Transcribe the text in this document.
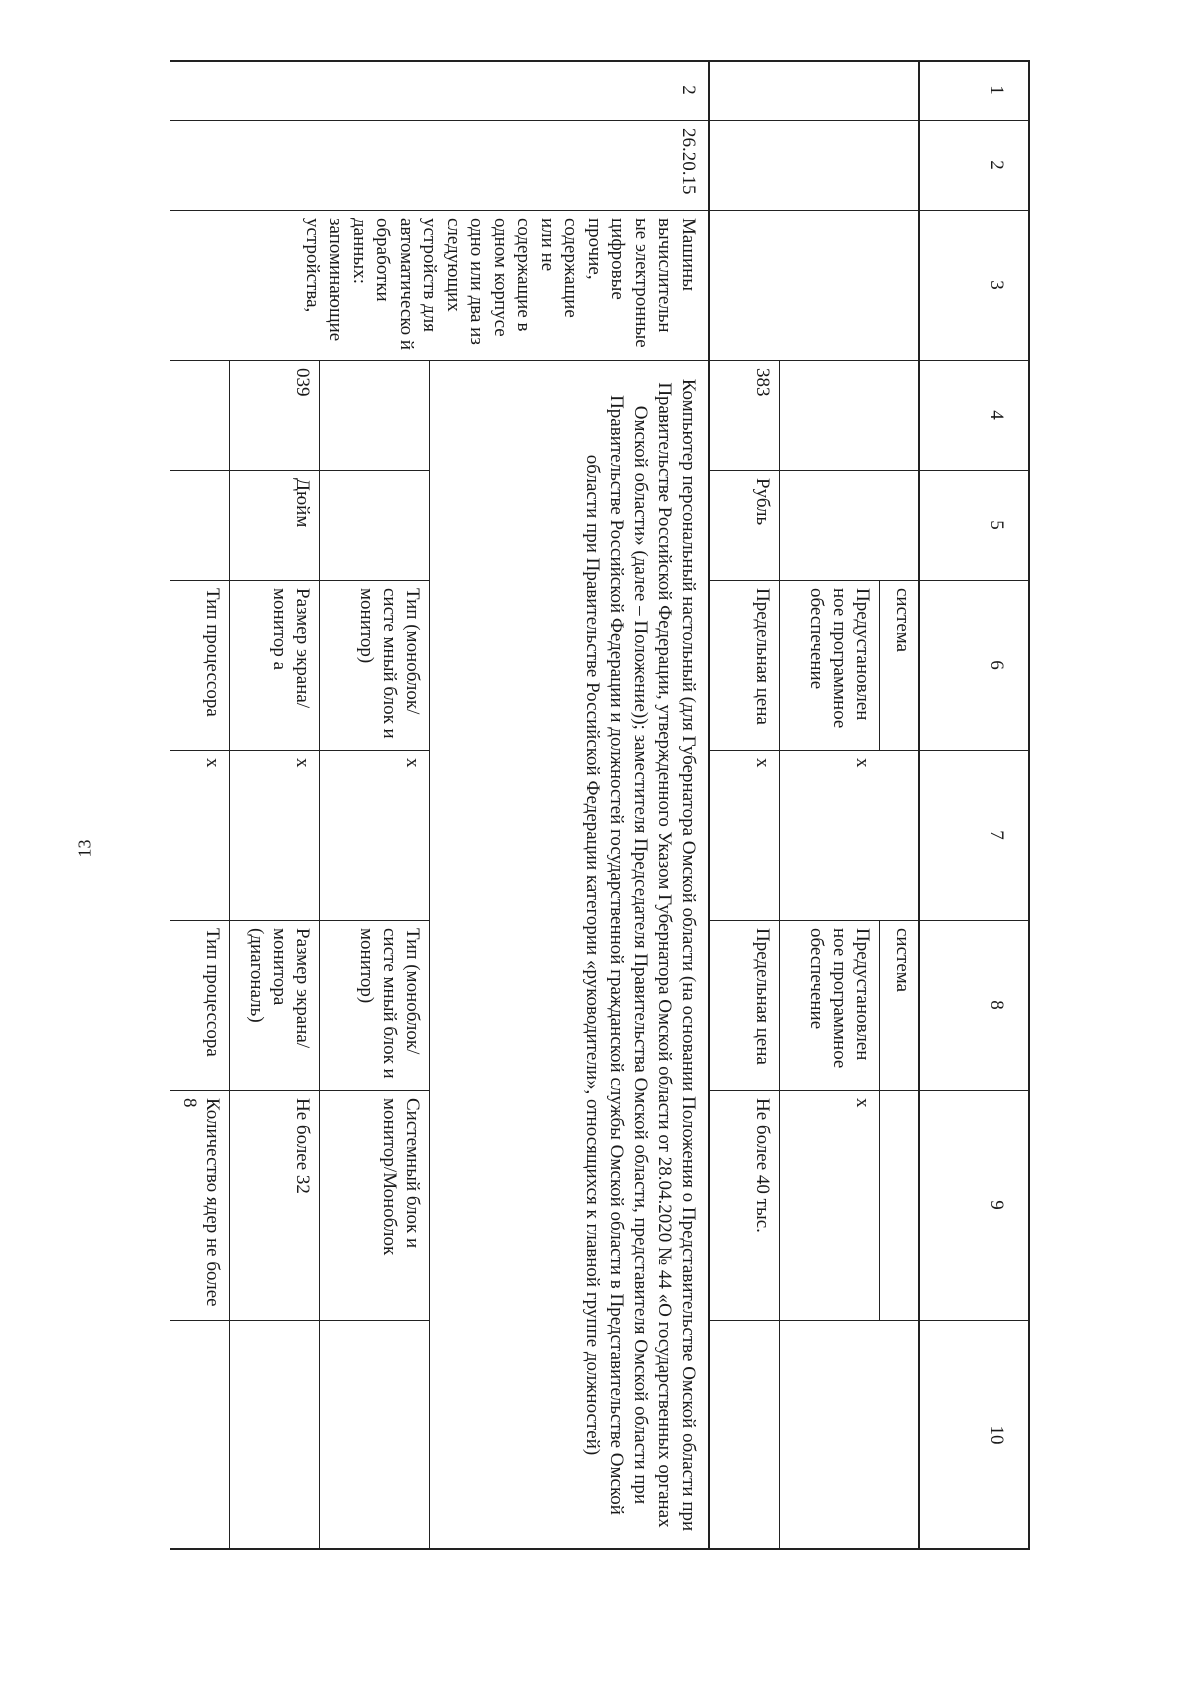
13
1
2
3
4
5
6
7
8
9
10
система
система
Предустановлен ное программное обеспечение
х
Предустановлен ное программное обеспечение
х
383
Рубль
Предельная цена
х
Предельная цена
Не более 40 тыс.
2
26.20.15
Машины вычислительн ые электронные цифровые прочие, содержащие или не содержащие в одном корпусе одно или два из следующих устройств для автоматическо й обработки данных: запоминающие устройства,
Компьютер персональный настольный (для Губернатора Омской области (на основании Положения о Представительстве Омской области при Правительстве Российской Федерации, утвержденного Указом Губернатора Омской области от 28.04.2020 № 44 «О государственных органах Омской области» (далее – Положение)); заместителя Председателя Правительства Омской области, представителя Омской области при Правительстве Российской Федерации и должностей государственной гражданской службы Омской области в Представительстве Омской области при Правительстве Российской Федерации категории «руководители», относящихся к главной группе должностей)
Тип (моноблок/систе мный блок и монитор)
х
Тип (моноблок/систе мный блок и монитор)
Системный блок и монитор/Моноблок
039
Дюйм
Размер экрана/монитор а
х
Размер экрана/монитора (диагональ)
Не более 32
Тип процессора
х
Тип процессора
Количество ядер не более 8
